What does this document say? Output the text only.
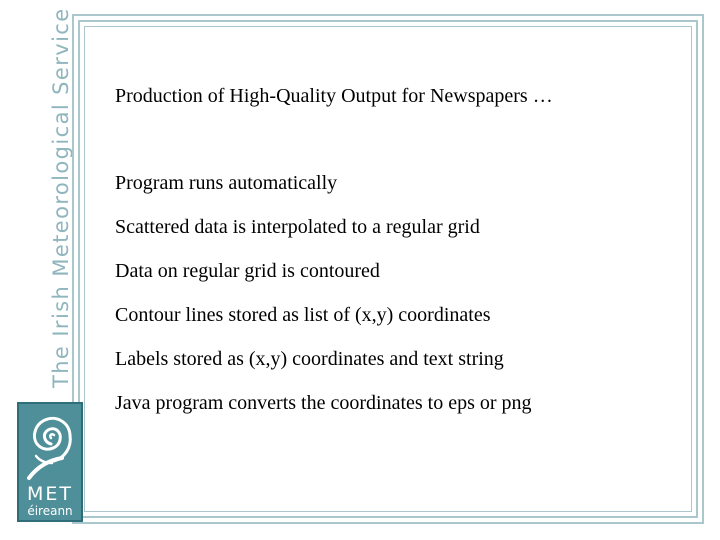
The Irish Meteorological Service
MET
éireann
Production of High-Quality Output for Newspapers …
Program runs automatically
Scattered data is interpolated to a regular grid
Data on regular grid is contoured
Contour lines stored as list of (x,y) coordinates
Labels stored as (x,y) coordinates and text string
Java program converts the coordinates to eps or png
